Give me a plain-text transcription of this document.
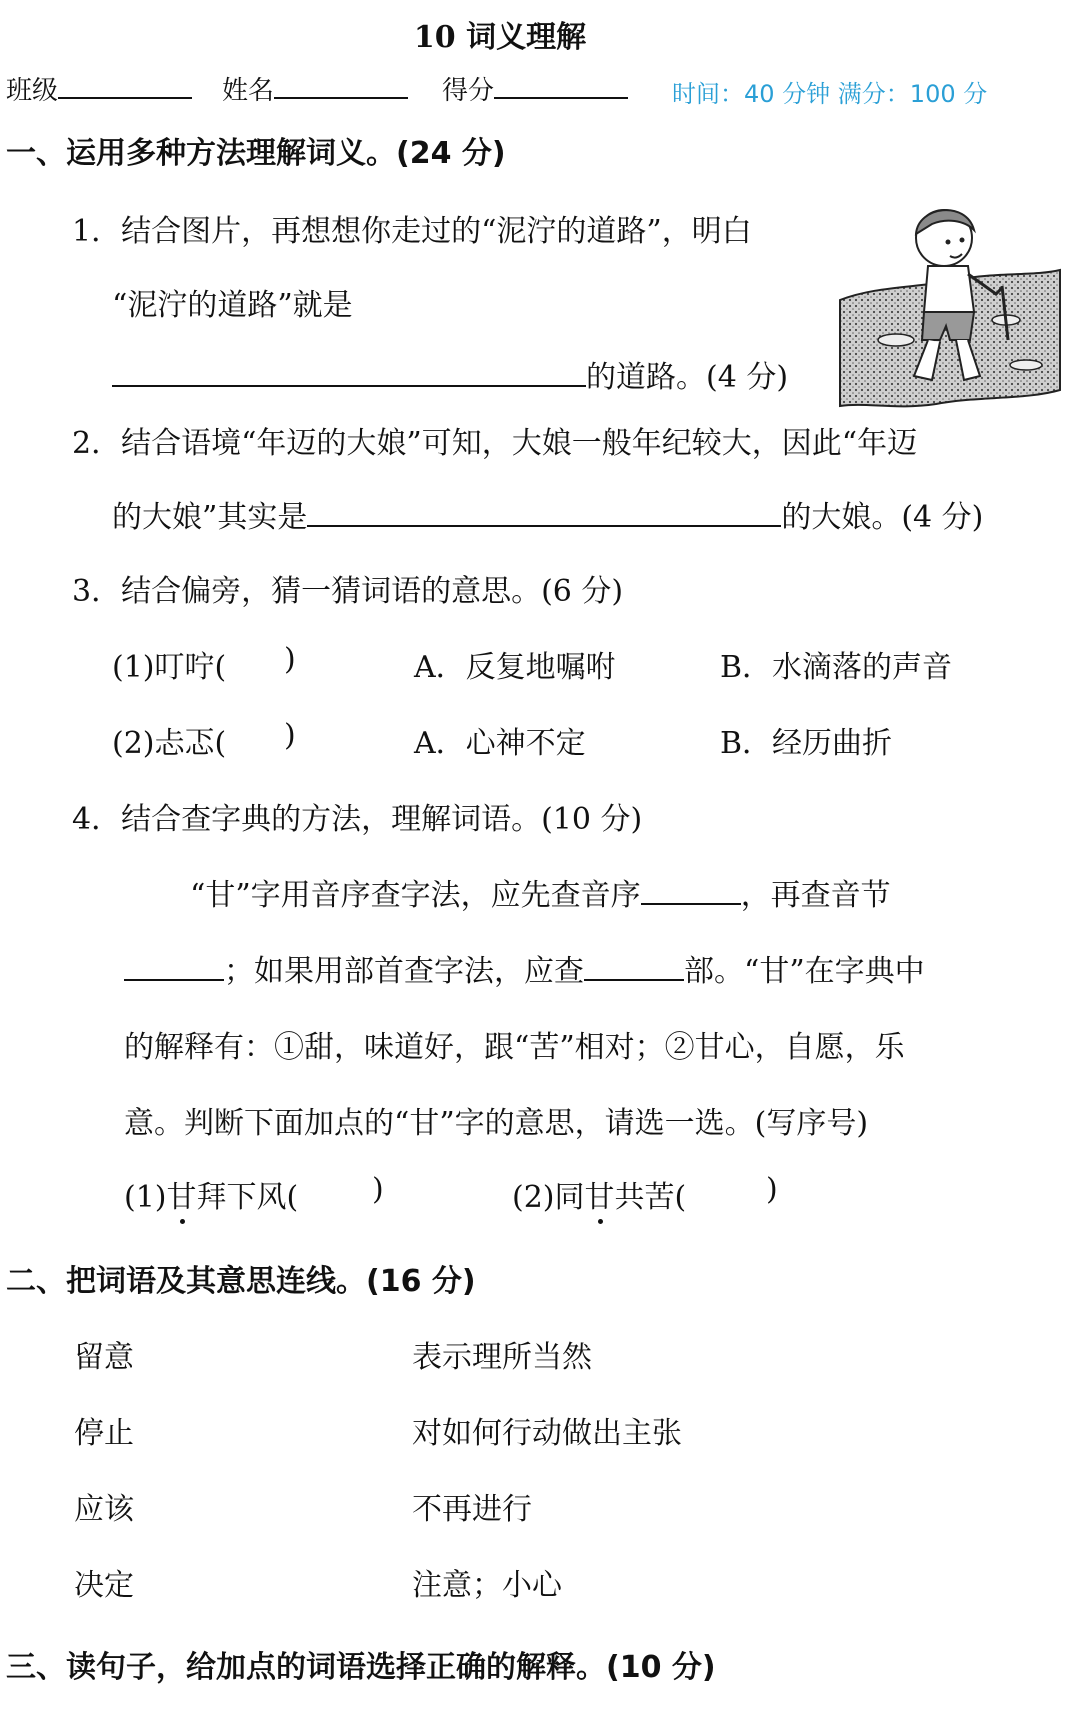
10 词义理解
班级	姓名	得分	时间：40 分钟 满分：100 分
一、运用多种方法理解词义。(24 分)
1．结合图片，再想想你走过的“泥泞的道路”，明白
“泥泞的道路”就是
的道路。(4 分)
2．结合语境“年迈的大娘”可知，大娘一般年纪较大，因此“年迈
的大娘”其实是	的大娘。(4 分)
3．结合偏旁，猜一猜词语的意思。(6 分)
(1)叮咛( )	A．反复地嘱咐	B．水滴落的声音
(2)忐忑( )	A．心神不定	B．经历曲折
4．结合查字典的方法，理解词语。(10 分)
“甘”字用音序查字法，应先查音序	，再查音节
；如果用部首查字法，应查	部。“甘”在字典中
的解释有：①甜，味道好，跟“苦”相对；②甘心，自愿，乐
意。判断下面加点的“甘”字的意思，请选一选。(写序号)
(1)甘拜下风( )	(2)同甘共苦(	)
二、把词语及其意思连线。(16 分)
留意	表示理所当然
停止	对如何行动做出主张
应该	不再进行
决定	注意；小心
三、读句子，给加点的词语选择正确的解释。(10 分)
